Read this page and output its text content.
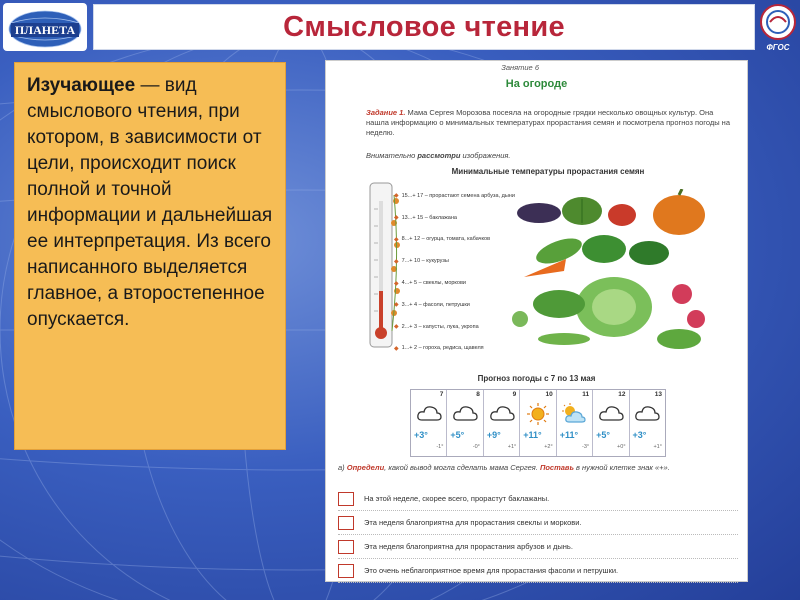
ПЛАНЕТА	Смысловое чтение
ФГОС
Изучающее — вид смыслового чтения, при котором, в зависимости от цели, происходит поиск полной и точной информации и дальнейшая ее интерпретация. Из всего написанного выделяется главное, а второстепенное опускается.
Занятие 6
На огороде
Задание 1. Мама Сергея Морозова посеяла на огородные грядки несколько овощных культур. Она нашла информацию о минимальных температурах прорастания семян и посмотрела прогноз погоды на неделю.
Внимательно рассмотри изображения.
Минимальные температуры прорастания семян
◆ 15...+ 17 – прорастают семена арбуза, дыни
◆ 13...+ 15 – баклажана
◆ 8...+ 12 – огурца, томата, кабачков
◆ 7...+ 10 – кукурузы
◆ 4...+ 5 – свеклы, моркови
◆ 3...+ 4 – фасоли, петрушки
◆ 2...+ 3 – капусты, лука, укропа
◆ 1...+ 2 – гороха, редиса, щавеля
Прогноз погоды с 7 по 13 мая
7
+3°
-1°
8
+5°
-0°
9
+9°
+1°
10
+11°
+2°
11
+11°
-3°
12
+5°
+0°
13
+3°
+1°
а) Определи, какой вывод могла сделать мама Сергея. Поставь в нужной клетке знак «+».
На этой неделе, скорее всего, прорастут баклажаны.
Эта неделя благоприятна для прорастания свеклы и моркови.
Эта неделя благоприятна для прорастания арбузов и дынь.
Это очень неблагоприятное время для прорастания фасоли и петрушки.
